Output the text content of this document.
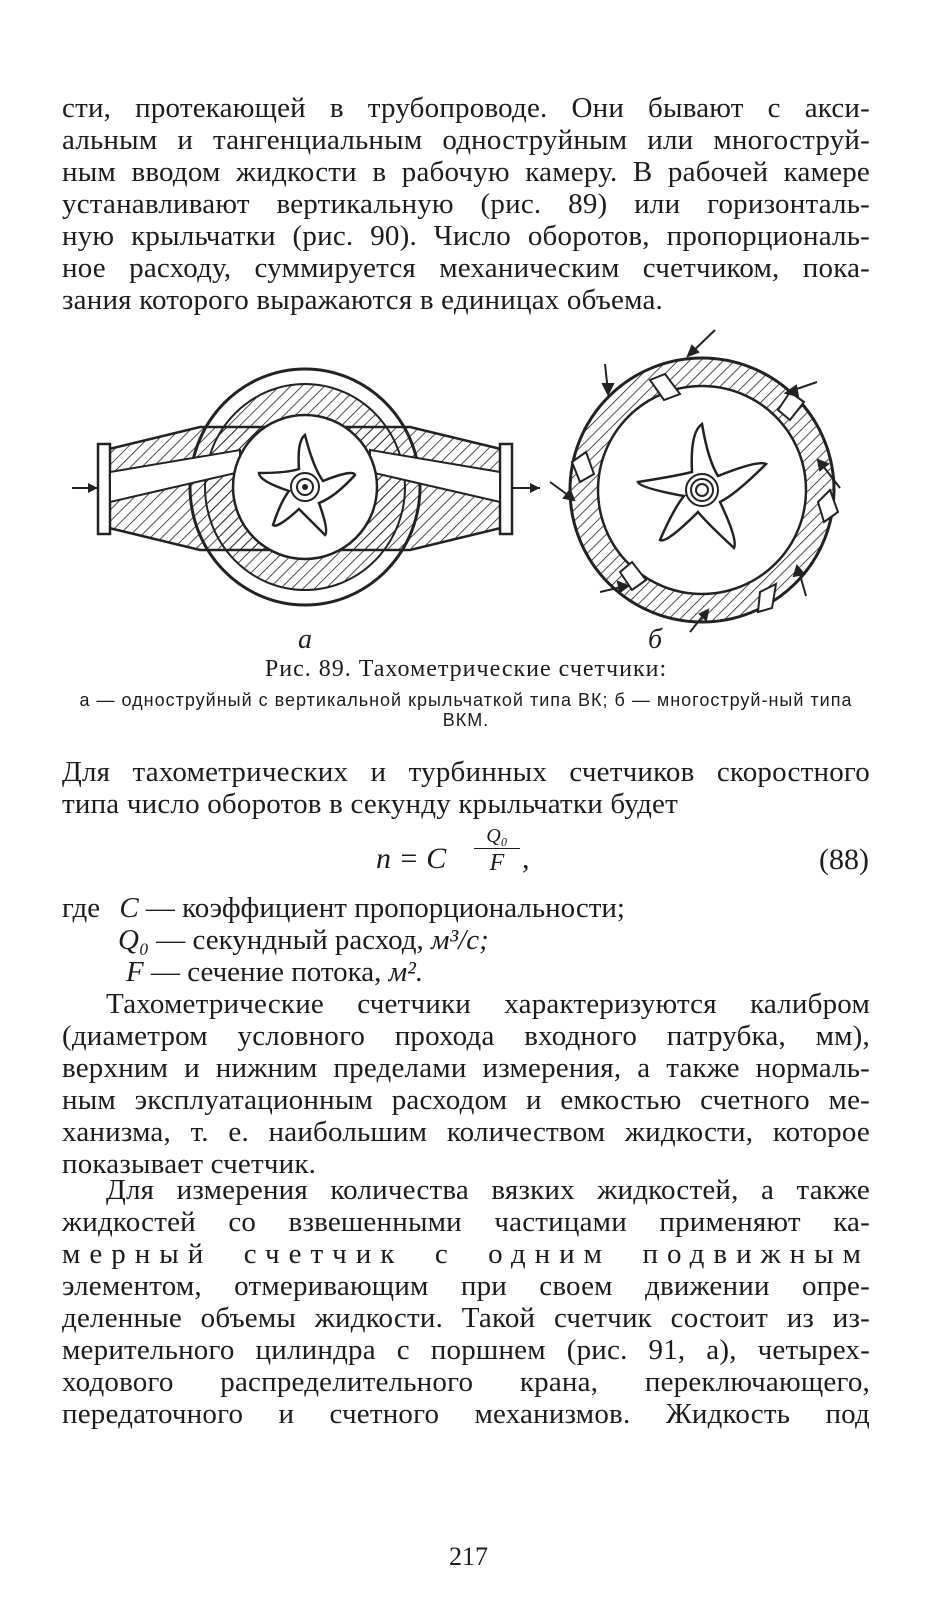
сти, протекающей в трубопроводе. Они бывают с акси-
альным и тангенциальным одноструйным или многоструй-
ным вводом жидкости в рабочую камеру. В рабочей камере
устанавливают вертикальную (рис. 89) или горизонталь-
ную крыльчатки (рис. 90). Число оборотов, пропорциональ-
ное расходу, суммируется механическим счетчиком, пока-
зания которого выражаются в единицах объема.
а	б
Рис. 89. Тахометрические счетчики:
а — одноструйный с вертикальной крыльчаткой типа ВК; б — многоструй-ный типа ВКМ.
Для тахометрических и турбинных счетчиков скоростного
типа число оборотов в секунду крыльчатки будет
n = C
Q₀
F ,	(88)
где C — коэффициент пропорциональности;
Q₀ — секундный расход, м³/с;
F — сечение потока, м².
Тахометрические счетчики характеризуются калибром
(диаметром условного прохода входного патрубка, мм),
верхним и нижним пределами измерения, а также нормаль-
ным эксплуатационным расходом и емкостью счетного ме-
ханизма, т. е. наибольшим количеством жидкости, которое
показывает счетчик.
Для измерения количества вязких жидкостей, а также
жидкостей со взвешенными частицами применяют ка-
мерный счетчик с одним подвижным
элементом, отмеривающим при своем движении опре-
деленные объемы жидкости. Такой счетчик состоит из из-
мерительного цилиндра с поршнем (рис. 91, а), четырех-
ходового распределительного крана, переключающего,
передаточного и счетного механизмов. Жидкость под
217
